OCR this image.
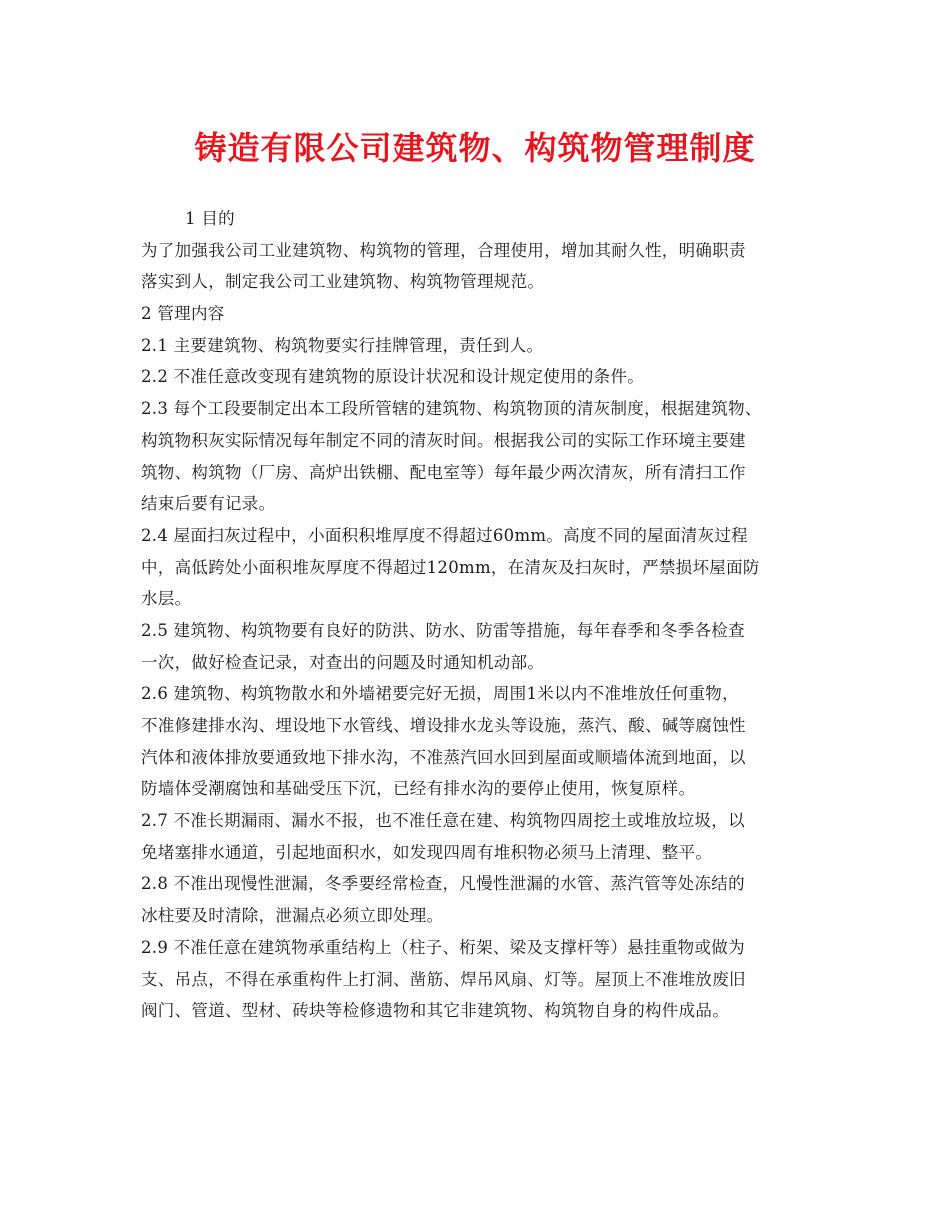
铸造有限公司建筑物、构筑物管理制度
1 目的
为了加强我公司工业建筑物、构筑物的管理，合理使用，增加其耐久性，明确职责
落实到人，制定我公司工业建筑物、构筑物管理规范。
2 管理内容
2.1 主要建筑物、构筑物要实行挂牌管理，责任到人。
2.2 不准任意改变现有建筑物的原设计状况和设计规定使用的条件。
2.3 每个工段要制定出本工段所管辖的建筑物、构筑物顶的清灰制度，根据建筑物、
构筑物积灰实际情况每年制定不同的清灰时间。根据我公司的实际工作环境主要建
筑物、构筑物（厂房、高炉出铁棚、配电室等）每年最少两次清灰，所有清扫工作
结束后要有记录。
2.4 屋面扫灰过程中，小面积积堆厚度不得超过60mm。高度不同的屋面清灰过程
中，高低跨处小面积堆灰厚度不得超过120mm，在清灰及扫灰时，严禁损坏屋面防
水层。
2.5 建筑物、构筑物要有良好的防洪、防水、防雷等措施，每年春季和冬季各检查
一次，做好检查记录，对查出的问题及时通知机动部。
2.6 建筑物、构筑物散水和外墙裙要完好无损，周围1米以内不准堆放任何重物，
不准修建排水沟、埋设地下水管线、增设排水龙头等设施，蒸汽、酸、碱等腐蚀性
汽体和液体排放要通致地下排水沟，不准蒸汽回水回到屋面或顺墙体流到地面，以
防墙体受潮腐蚀和基础受压下沉，已经有排水沟的要停止使用，恢复原样。
2.7 不准长期漏雨、漏水不报，也不准任意在建、构筑物四周挖土或堆放垃圾，以
免堵塞排水通道，引起地面积水，如发现四周有堆积物必须马上清理、整平。
2.8 不准出现慢性泄漏，冬季要经常检查，凡慢性泄漏的水管、蒸汽管等处冻结的
冰柱要及时清除，泄漏点必须立即处理。
2.9 不准任意在建筑物承重结构上（柱子、桁架、梁及支撑杆等）悬挂重物或做为
支、吊点，不得在承重构件上打洞、凿筋、焊吊风扇、灯等。屋顶上不准堆放废旧
阀门、管道、型材、砖块等检修遗物和其它非建筑物、构筑物自身的构件成品。
